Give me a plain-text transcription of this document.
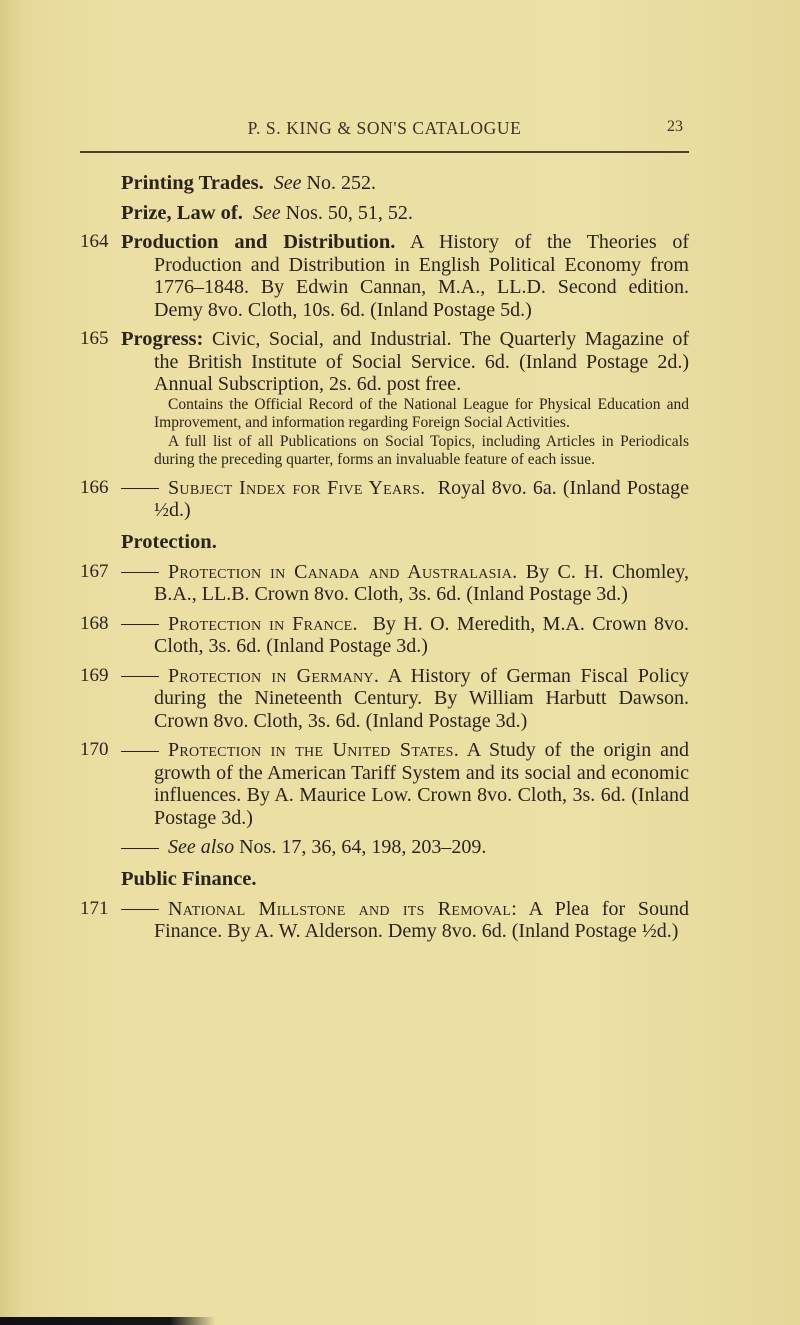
P. S. KING & SON'S CATALOGUE	23
Printing Trades. See No. 252.
Prize, Law of. See Nos. 50, 51, 52.
164 Production and Distribution. A History of the Theories of Production and Distribution in English Political Economy from 1776–1848. By Edwin Cannan, M.A., LL.D. Second edition. Demy 8vo. Cloth, 10s. 6d. (Inland Postage 5d.)
165 Progress: Civic, Social, and Industrial. The Quarterly Magazine of the British Institute of Social Service. 6d. (Inland Postage 2d.) Annual Subscription, 2s. 6d. post free.
Contains the Official Record of the National League for Physical Education and Improvement, and information regarding Foreign Social Activities.
A full list of all Publications on Social Topics, including Articles in Periodicals during the preceding quarter, forms an invaluable feature of each issue.
166	Subject Index for Five Years.  Royal 8vo. 6a. (Inland Postage ½d.)
Protection.
167	Protection in Canada and Australasia. By C. H. Chomley, B.A., LL.B. Crown 8vo. Cloth, 3s. 6d. (Inland Postage 3d.)
168	Protection in France.  By H. O. Meredith, M.A. Crown 8vo. Cloth, 3s. 6d. (Inland Postage 3d.)
169	Protection in Germany. A History of German Fiscal Policy during the Nineteenth Century. By William Harbutt Dawson. Crown 8vo. Cloth, 3s. 6d. (Inland Postage 3d.)
170	Protection in the United States. A Study of the origin and growth of the American Tariff System and its social and economic influences. By A. Maurice Low. Crown 8vo. Cloth, 3s. 6d. (Inland Postage 3d.)
See also Nos. 17, 36, 64, 198, 203–209.
Public Finance.
171	National Millstone and its Removal: A Plea for Sound Finance. By A. W. Alderson. Demy 8vo. 6d. (Inland Postage ½d.)
